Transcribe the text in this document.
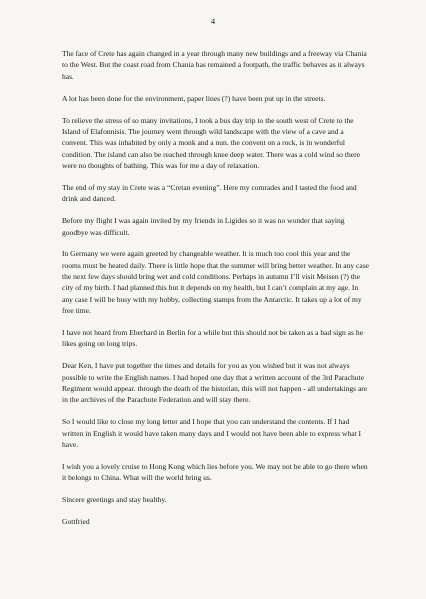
4

The face of Crete has again changed in a year through many new buildings and a freeway via Chania to the West. But the coast road from Chania has remained a footpath, the traffic behaves as it always has.

A lot has been done for the environment, paper lines (?) have been put up in the streets.

To relieve the stress of so many invitations, I took a bus day trip to the south west of Crete to the Island of Elafonnisis. The journey went through wild landscape with the view of a cave and a convent. This was inhabited by only a monk and a nun. the convent on a rock, is in wonderful condition. The island can also be reached through knee deep water. There was a cold wind so there were no thoughts of bathing. This was for me a day of relaxation.

The end of my stay in Crete was a “Cretan evening”. Here my comrades and I tasted the food and drink and danced.

Before my flight I was again invited by my friends in Ligides so it was no wonder that saying goodbye was difficult.

In Germany we were again greeted by changeable weather. It is much too cool this year and the rooms must be heated daily. There is little hope that the summer will bring better weather. In any case the next few days should bring wet and cold conditions. Perhaps in autumn I’ll visit Meisen (?) the city of my birth. I had planned this but it depends on my health, but I can’t complain at my age. In any case I will be busy with my hobby, collecting stamps from the Antarctic. It takes up a lot of my free time.

I have not heard from Eberhard in Berlin for a while but this should not be taken as a bad sign as he likes going on long trips.

Dear Ken, I have put together the times and details for you as you wished but it was not always possible to write the English names. I had hoped one day that a written account of the 3rd Parachute Regiment would appear. through the death of the historian, this will not happen - all undertakings are in the archives of the Parachute Federation and will stay there.

So I would like to close my long letter and I hope that you can understand the contents. If I had written in English it would have taken many days and I would not have been able to express what I have.

I wish you a lovely cruise to Hong Kong which lies before you. We may not be able to go there when it belongs to China. What will the world bring us.

Sincere greetings and stay healthy.

Gottfried
